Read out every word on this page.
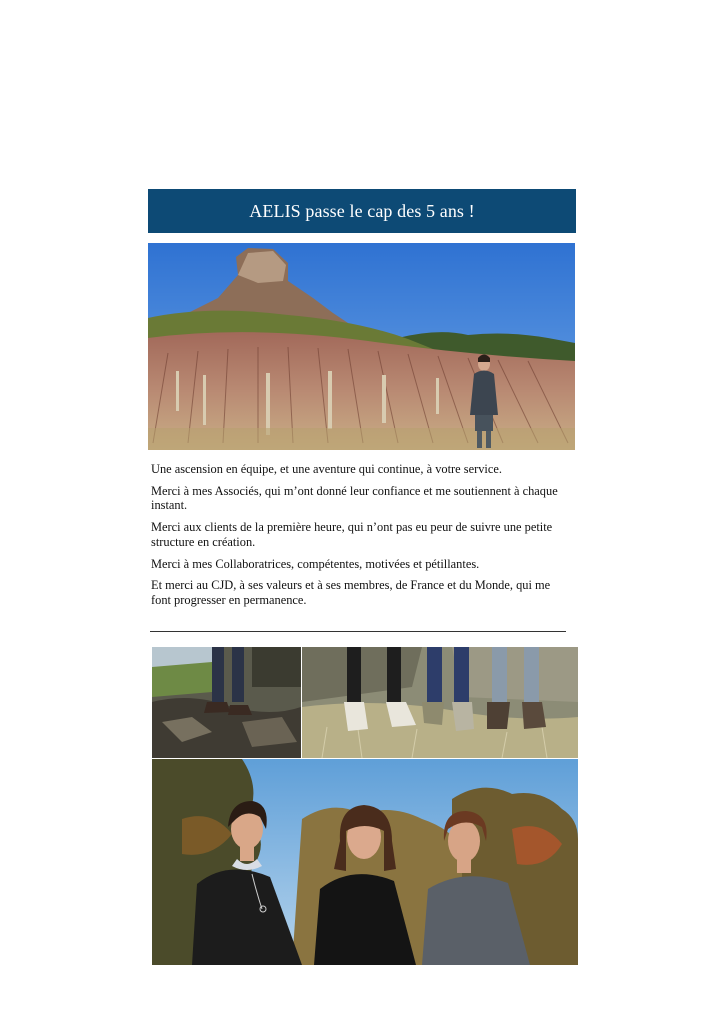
AELIS passe le cap des 5 ans !

Une ascension en équipe, et une aventure qui continue, à votre service.

Merci à mes Associés, qui m’ont donné leur confiance et me soutiennent à chaque instant.

Merci aux clients de la première heure, qui n’ont pas eu peur de suivre une petite structure en création.

Merci à mes Collaboratrices, compétentes, motivées et pétillantes.

Et merci au CJD, à ses valeurs et à ses membres, de France et du Monde, qui me font progresser en permanence.
